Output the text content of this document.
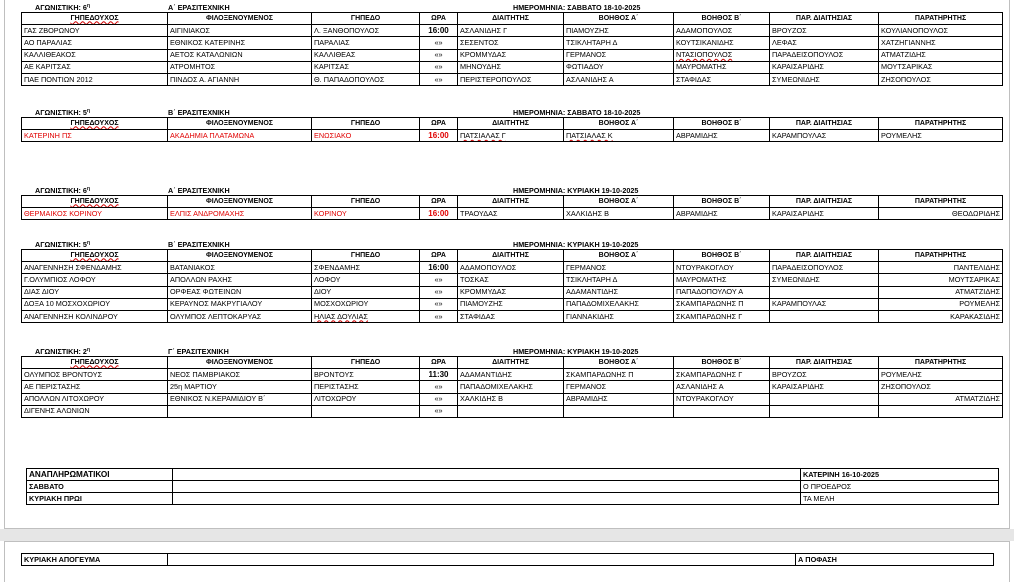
ΑΓΩΝΙΣΤΙΚΗ: $6^\eta$	Α΄ ΕΡΑΣΙΤΕΧΝΙΚΗ	ΗΜΕΡΟΜΗΝΙΑ: ΣΑΒΒΑΤΟ 18-10-2025
ΓΗΠΕΔΟΥΧΟΣ	ΦΙΛΟΞΕΝΟΥΜΕΝΟΣ	ΓΗΠΕΔΟ	ΩΡΑ	ΔΙΑΙΤΗΤΗΣ	ΒΟΗΘΟΣ Α΄	ΒΟΗΘΟΣ Β΄	ΠΑΡ. ΔΙΑΙΤΗΣΙΑΣ	ΠΑΡΑΤΗΡΗΤΗΣ
ΓΑΣ ΖΒΟΡΩΝΟΥ	ΑΙΓΙΝΙΑΚΟΣ	Λ. ΞΑΝΘΟΠΟΥΛΟΣ	16:00	ΑΣΛΑΝΙΔΗΣ Γ	ΠΙΑΜΟΥΖΗΣ	ΑΔΑΜΟΠΟΥΛΟΣ	ΒΡΟΥΖΟΣ	ΚΟΥΛΙΑΝΟΠΟΥΛΟΣ
ΑΟ ΠΑΡΑΛΙΑΣ	ΕΘΝΙΚΟΣ ΚΑΤΕΡΙΝΗΣ	ΠΑΡΑΛΙΑΣ	«»	ΣΕΣΕΝΤΟΣ	ΤΣΙΚΛΗΤΑΡΗ Δ	ΚΟΥΤΣΙΚΑΝΙΔΗΣ	ΛΕΦΑΣ	ΧΑΤΖΗΓΙΑΝΝΗΣ
ΚΑΛΛΙΘΕΑΚΟΣ	ΑΕΤΟΣ ΚΑΤΑΛΩΝΙΩΝ	ΚΑΛΛΙΘΕΑΣ	«»	ΚΡΟΜΜΥΔΑΣ	ΓΕΡΜΑΝΟΣ	ΝΤΑΣΙΟΠΟΥΛΟΣ	ΠΑΡΑΔΕΙΣΟΠΟΥΛΟΣ	ΑΤΜΑΤΖΙΔΗΣ
ΑΕ ΚΑΡΙΤΣΑΣ	ΑΤΡΟΜΗΤΟΣ	ΚΑΡΙΤΣΑΣ	«»	ΜΗΝΟΥΔΗΣ	ΦΩΤΙΑΔΟΥ	ΜΑΥΡΟΜΑΤΗΣ	ΚΑΡΑΙΣΑΡΙΔΗΣ	ΜΟΥΤΣΑΡΙΚΑΣ
ΠΑΕ ΠΟΝΤΙΩΝ 2012	ΠΙΝΔΟΣ Α. ΑΓΙΑΝΝΗ	Θ. ΠΑΠΑΔΟΠΟΥΛΟΣ	«»	ΠΕΡΙΣΤΕΡΟΠΟΥΛΟΣ	ΑΣΛΑΝΙΔΗΣ Α	ΣΤΑΦΙΔΑΣ	ΣΥΜΕΩΝΙΔΗΣ	ΖΗΣΟΠΟΥΛΟΣ
ΑΓΩΝΙΣΤΙΚΗ: $5^\eta$	Β΄ ΕΡΑΣΙΤΕΧΝΙΚΗ	ΗΜΕΡΟΜΗΝΙΑ: ΣΑΒΒΑΤΟ 18-10-2025
ΓΗΠΕΔΟΥΧΟΣ	ΦΙΛΟΞΕΝΟΥΜΕΝΟΣ	ΓΗΠΕΔΟ	ΩΡΑ	ΔΙΑΙΤΗΤΗΣ	ΒΟΗΘΟΣ Α΄	ΒΟΗΘΟΣ Β΄	ΠΑΡ. ΔΙΑΙΤΗΣΙΑΣ	ΠΑΡΑΤΗΡΗΤΗΣ
ΚΑΤΕΡΙΝΗ ΠΣ	ΑΚΑΔΗΜΙΑ ΠΛΑΤΑΜΩΝΑ	ΕΝΩΣΙΑΚΟ	16:00	ΠΑΤΣΙΑΛΑΣ Γ	ΠΑΤΣΙΑΛΑΣ Κ	ΑΒΡΑΜΙΔΗΣ	ΚΑΡΑΜΠΟΥΛΑΣ	ΡΟΥΜΕΛΗΣ
ΑΓΩΝΙΣΤΙΚΗ: $6^\eta$	Α΄ ΕΡΑΣΙΤΕΧΝΙΚΗ	ΗΜΕΡΟΜΗΝΙΑ: ΚΥΡΙΑΚΗ 19-10-2025
ΓΗΠΕΔΟΥΧΟΣ	ΦΙΛΟΞΕΝΟΥΜΕΝΟΣ	ΓΗΠΕΔΟ	ΩΡΑ	ΔΙΑΙΤΗΤΗΣ	ΒΟΗΘΟΣ Α΄	ΒΟΗΘΟΣ Β΄	ΠΑΡ. ΔΙΑΙΤΗΣΙΑΣ	ΠΑΡΑΤΗΡΗΤΗΣ
ΘΕΡΜΑΙΚΟΣ ΚΟΡΙΝΟΥ	ΕΛΠΙΣ ΑΝΔΡΟΜΑΧΗΣ	ΚΟΡΙΝΟΥ	16:00	ΤΡΑΟΥΔΑΣ	ΧΑΛΚΙΔΗΣ Β	ΑΒΡΑΜΙΔΗΣ	ΚΑΡΑΙΣΑΡΙΔΗΣ	ΘΕΟΔΩΡΙΔΗΣ
ΑΓΩΝΙΣΤΙΚΗ: $5^\eta$	Β΄ ΕΡΑΣΙΤΕΧΝΙΚΗ	ΗΜΕΡΟΜΗΝΙΑ: ΚΥΡΙΑΚΗ 19-10-2025
ΓΗΠΕΔΟΥΧΟΣ	ΦΙΛΟΞΕΝΟΥΜΕΝΟΣ	ΓΗΠΕΔΟ	ΩΡΑ	ΔΙΑΙΤΗΤΗΣ	ΒΟΗΘΟΣ Α΄	ΒΟΗΘΟΣ Β΄	ΠΑΡ. ΔΙΑΙΤΗΣΙΑΣ	ΠΑΡΑΤΗΡΗΤΗΣ
ΑΝΑΓΕΝΝΗΣΗ ΣΦΕΝΔΑΜΗΣ	ΒΑΤΑΝΙΑΚΟΣ	ΣΦΕΝΔΑΜΗΣ	16:00	ΑΔΑΜΟΠΟΥΛΟΣ	ΓΕΡΜΑΝΟΣ	ΝΤΟΥΡΑΚΟΓΛΟΥ	ΠΑΡΑΔΕΙΣΟΠΟΥΛΟΣ	ΠΑΝΤΕΛΙΔΗΣ
Γ.ΟΛΥΜΠΙΟΣ ΛΟΦΟΥ	ΑΠΟΛΛΩΝ ΡΑΧΗΣ	ΛΟΦΟΥ	«»	ΤΟΣΚΑΣ	ΤΣΙΚΛΗΤΑΡΗ Δ	ΜΑΥΡΟΜΑΤΗΣ	ΣΥΜΕΩΝΙΔΗΣ	ΜΟΥΤΣΑΡΙΚΑΣ
ΔΙΑΣ ΔΙΟΥ	ΟΡΦΕΑΣ ΦΩΤΕΙΝΩΝ	ΔΙΟΥ	«»	ΚΡΟΜΜΥΔΑΣ	ΑΔΑΜΑΝΤΙΔΗΣ	ΠΑΠΑΔΟΠΟΥΛΟΥ Α		ΑΤΜΑΤΖΙΔΗΣ
ΔΟΞΑ 10 ΜΟΣΧΟΧΩΡΙΟΥ	ΚΕΡΑΥΝΟΣ ΜΑΚΡΥΓΙΑΛΟΥ	ΜΟΣΧΟΧΩΡΙΟΥ	«»	ΠΙΑΜΟΥΖΗΣ	ΠΑΠΑΔΟΜΙΧΕΛΑΚΗΣ	ΣΚΑΜΠΑΡΔΩΝΗΣ Π	ΚΑΡΑΜΠΟΥΛΑΣ	ΡΟΥΜΕΛΗΣ
ΑΝΑΓΕΝΝΗΣΗ ΚΟΛΙΝΔΡΟΥ	ΟΛΥΜΠΟΣ ΛΕΠΤΟΚΑΡΥΑΣ	ΗΛΙΑΣ ΔΟΥΛΙΑΣ	«»	ΣΤΑΦΙΔΑΣ	ΓΙΑΝΝΑΚΙΔΗΣ	ΣΚΑΜΠΑΡΔΩΝΗΣ Γ		ΚΑΡΑΚΑΣΙΔΗΣ
ΑΓΩΝΙΣΤΙΚΗ: $2^\eta$	Γ΄ ΕΡΑΣΙΤΕΧΝΙΚΗ	ΗΜΕΡΟΜΗΝΙΑ: ΚΥΡΙΑΚΗ 19-10-2025
ΓΗΠΕΔΟΥΧΟΣ	ΦΙΛΟΞΕΝΟΥΜΕΝΟΣ	ΓΗΠΕΔΟ	ΩΡΑ	ΔΙΑΙΤΗΤΗΣ	ΒΟΗΘΟΣ Α΄	ΒΟΗΘΟΣ Β΄	ΠΑΡ. ΔΙΑΙΤΗΣΙΑΣ	ΠΑΡΑΤΗΡΗΤΗΣ
ΟΛΥΜΠΟΣ ΒΡΟΝΤΟΥΣ	ΝΕΟΣ ΠΑΜΒΡΙΑΚΟΣ	ΒΡΟΝΤΟΥΣ	11:30	ΑΔΑΜΑΝΤΙΔΗΣ	ΣΚΑΜΠΑΡΔΩΝΗΣ Π	ΣΚΑΜΠΑΡΔΩΝΗΣ Γ	ΒΡΟΥΖΟΣ	ΡΟΥΜΕΛΗΣ
ΑΕ ΠΕΡΙΣΤΑΣΗΣ	25η ΜΑΡΤΙΟΥ	ΠΕΡΙΣΤΑΣΗΣ	«»	ΠΑΠΑΔΟΜΙΧΕΛΑΚΗΣ	ΓΕΡΜΑΝΟΣ	ΑΣΛΑΝΙΔΗΣ Α	ΚΑΡΑΙΣΑΡΙΔΗΣ	ΖΗΣΟΠΟΥΛΟΣ
ΑΠΟΛΛΩΝ ΛΙΤΟΧΩΡΟΥ	ΕΘΝΙΚΟΣ Ν.ΚΕΡΑΜΙΔΙΟΥ Β΄	ΛΙΤΟΧΩΡΟΥ	«»	ΧΑΛΚΙΔΗΣ Β	ΑΒΡΑΜΙΔΗΣ	ΝΤΟΥΡΑΚΟΓΛΟΥ		ΑΤΜΑΤΖΙΔΗΣ
ΔΙΓΕΝΗΣ ΑΛΩΝΙΩΝ			«»					
ΑΝΑΠΛΗΡΩΜΑΤΙΚΟΙ		ΚΑΤΕΡΙΝΗ 16-10-2025
ΣΑΒΒΑΤΟ		Ο ΠΡΟΕΔΡΟΣ
ΚΥΡΙΑΚΗ ΠΡΩΙ		ΤΑ ΜΕΛΗ
ΚΥΡΙΑΚΗ ΑΠΟΓΕΥΜΑ		Α ΠΟΦΑΣΗ
